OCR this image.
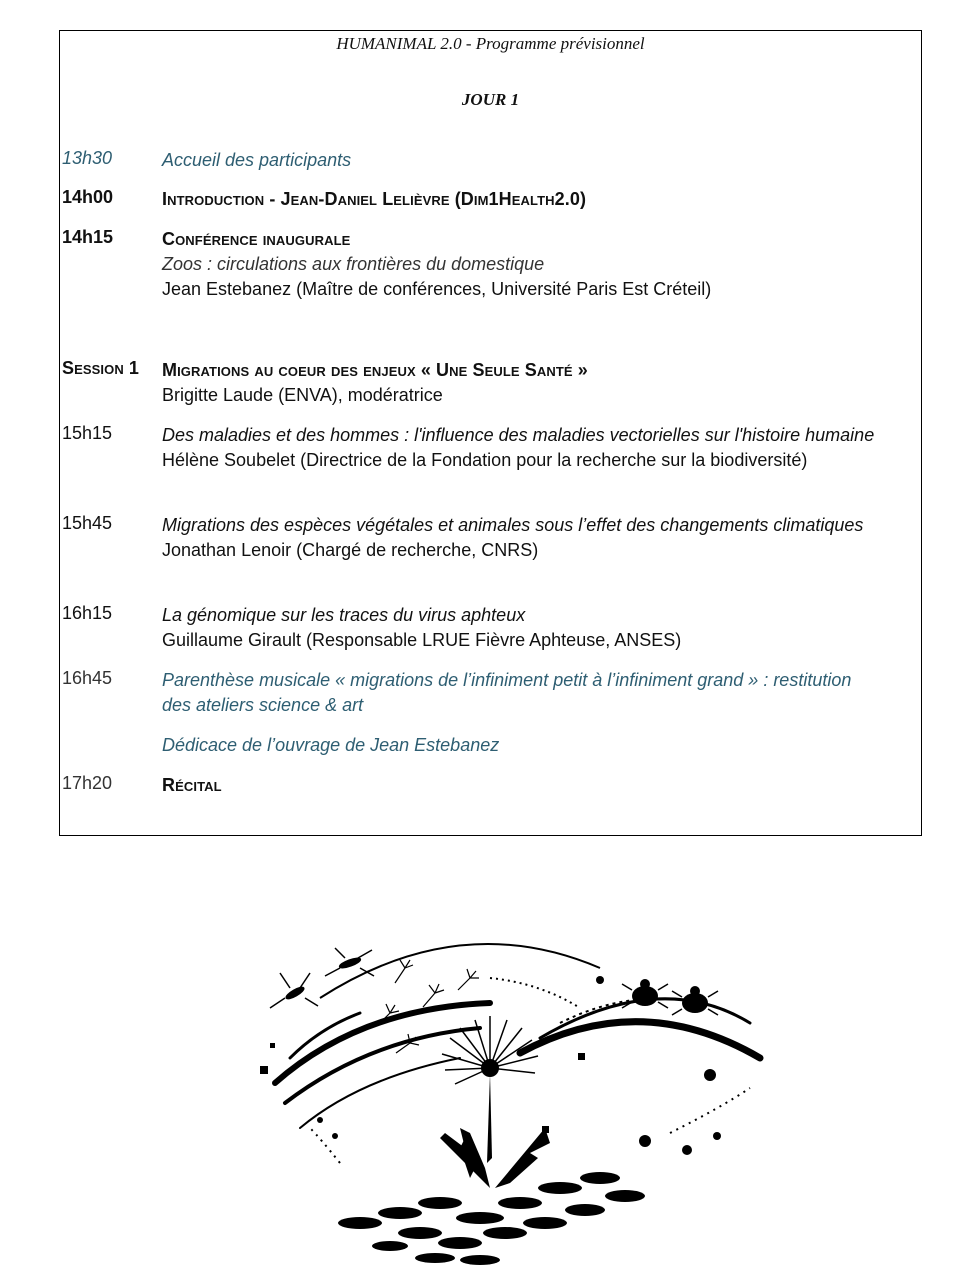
HUMANIMAL 2.0 - Programme prévisionnel
JOUR 1
13h30	Accueil des participants
14h00	Introduction - Jean-Daniel Lelièvre (Dim1Health2.0)
14h15	Conférence inaugurale
Zoos : circulations aux frontières du domestique
Jean Estebanez (Maître de conférences, Université Paris Est Créteil)
Session 1	Migrations au coeur des enjeux « Une Seule Santé »
Brigitte Laude (ENVA), modératrice
15h15	Des maladies et des hommes : l'influence des maladies vectorielles sur l'histoire humaine
Hélène Soubelet (Directrice de la Fondation pour la recherche sur la biodiversité)
15h45	Migrations des espèces végétales et animales sous l’effet des changements climatiques
Jonathan Lenoir (Chargé de recherche, CNRS)
16h15	La génomique sur les traces du virus aphteux
Guillaume Girault (Responsable LRUE Fièvre Aphteuse, ANSES)
16h45	Parenthèse musicale « migrations de l’infiniment petit à l’infiniment grand » : restitution des ateliers science & art
Dédicace de l’ouvrage de Jean Estebanez
17h20	Récital
